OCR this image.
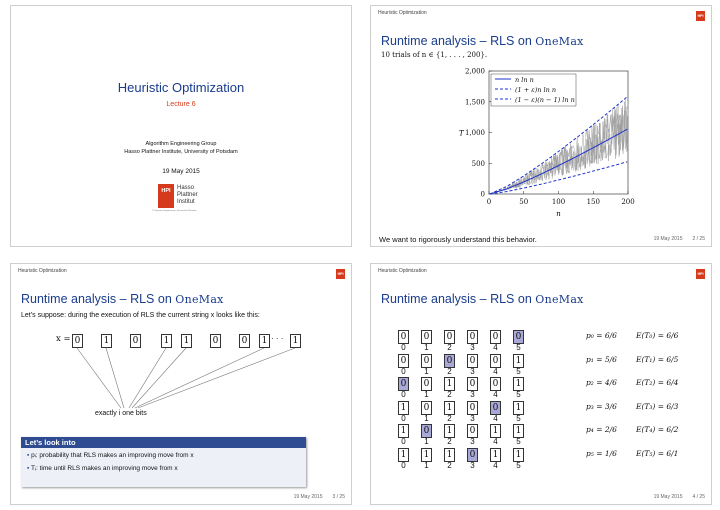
Heuristic Optimization
Lecture 6
Algorithm Engineering Group
Hasso Plattner Institute, University of Potsdam
19 May 2015
HPI	Hasso
Plattner
Institut
IT Systems Engineering | Universität Potsdam
Heuristic Optimization	HPI
Runtime analysis – RLS on OneMax
10 trials of n ∈ {1, . . . , 200}.
0
500
1,000
1,500
2,000
0	50	100	150	200
n
T
n ln n
(1 + ε)n ln n
(1 − ε)(n − 1) ln n
We want to rigorously understand this behavior.	19 May 2015 2 / 25
Heuristic Optimization	HPI
Runtime analysis – RLS on OneMax
Let’s suppose: during the execution of RLS the current string x looks like this:
x = 0	1	0	1 1	0	0 1 · · · 1
exactly i one bits
Let’s look into
▪ pᵢ: probability that RLS makes an improving move from x
▪ Tᵢ: time until RLS makes an improving move from x
19 May 2015 3 / 25
Heuristic Optimization	HPI
Runtime analysis – RLS on OneMax
0 0 0 0 0 0
0	1	2	3	4	5
p₀ = 6/6	E(T₀) = 6/6
0 0 0 0 0 1
0	1	2	3	4	5
p₁ = 5/6	E(T₁) = 6/5
0 0 1 0 0 1
0	1	2	3	4	5
p₂ = 4/6	E(T₂) = 6/4
1 0 1 0 0 1
0	1	2	3	4	5
p₃ = 3/6	E(T₃) = 6/3
1 0 1 0 1 1
0	1	2	3	4	5
p₄ = 2/6	E(T₄) = 6/2
1 1 1 0 1 1
0	1	2	3	4	5
p₅ = 1/6	E(T₅) = 6/1
19 May 2015 4 / 25
